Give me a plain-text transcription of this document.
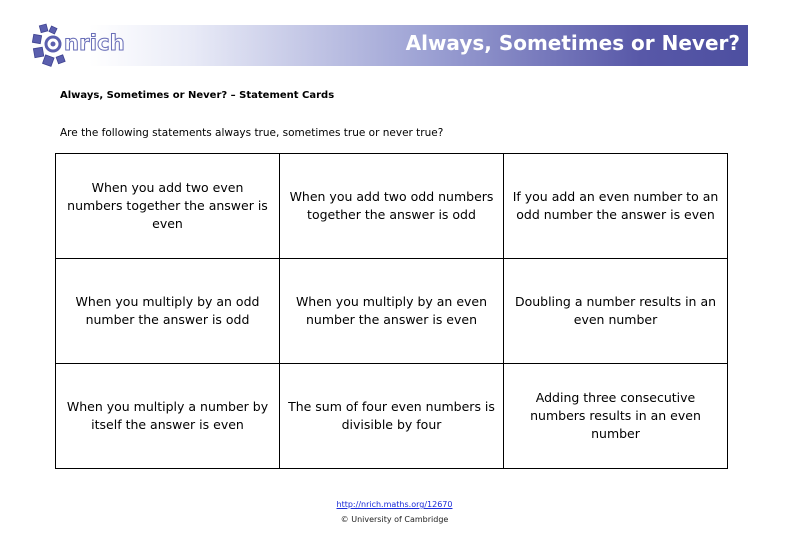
nrich	Always, Sometimes or Never?
Always, Sometimes or Never? – Statement Cards
Are the following statements always true, sometimes true or never true?
When you add two even numbers together the answer is even	When you add two odd numbers together the answer is odd	If you add an even number to an odd number the answer is even
When you multiply by an odd number the answer is odd	When you multiply by an even number the answer is even	Doubling a number results in an even number
When you multiply a number by itself the answer is even	The sum of four even numbers is divisible by four	Adding three consecutive numbers results in an even number
http://nrich.maths.org/12670
© University of Cambridge
